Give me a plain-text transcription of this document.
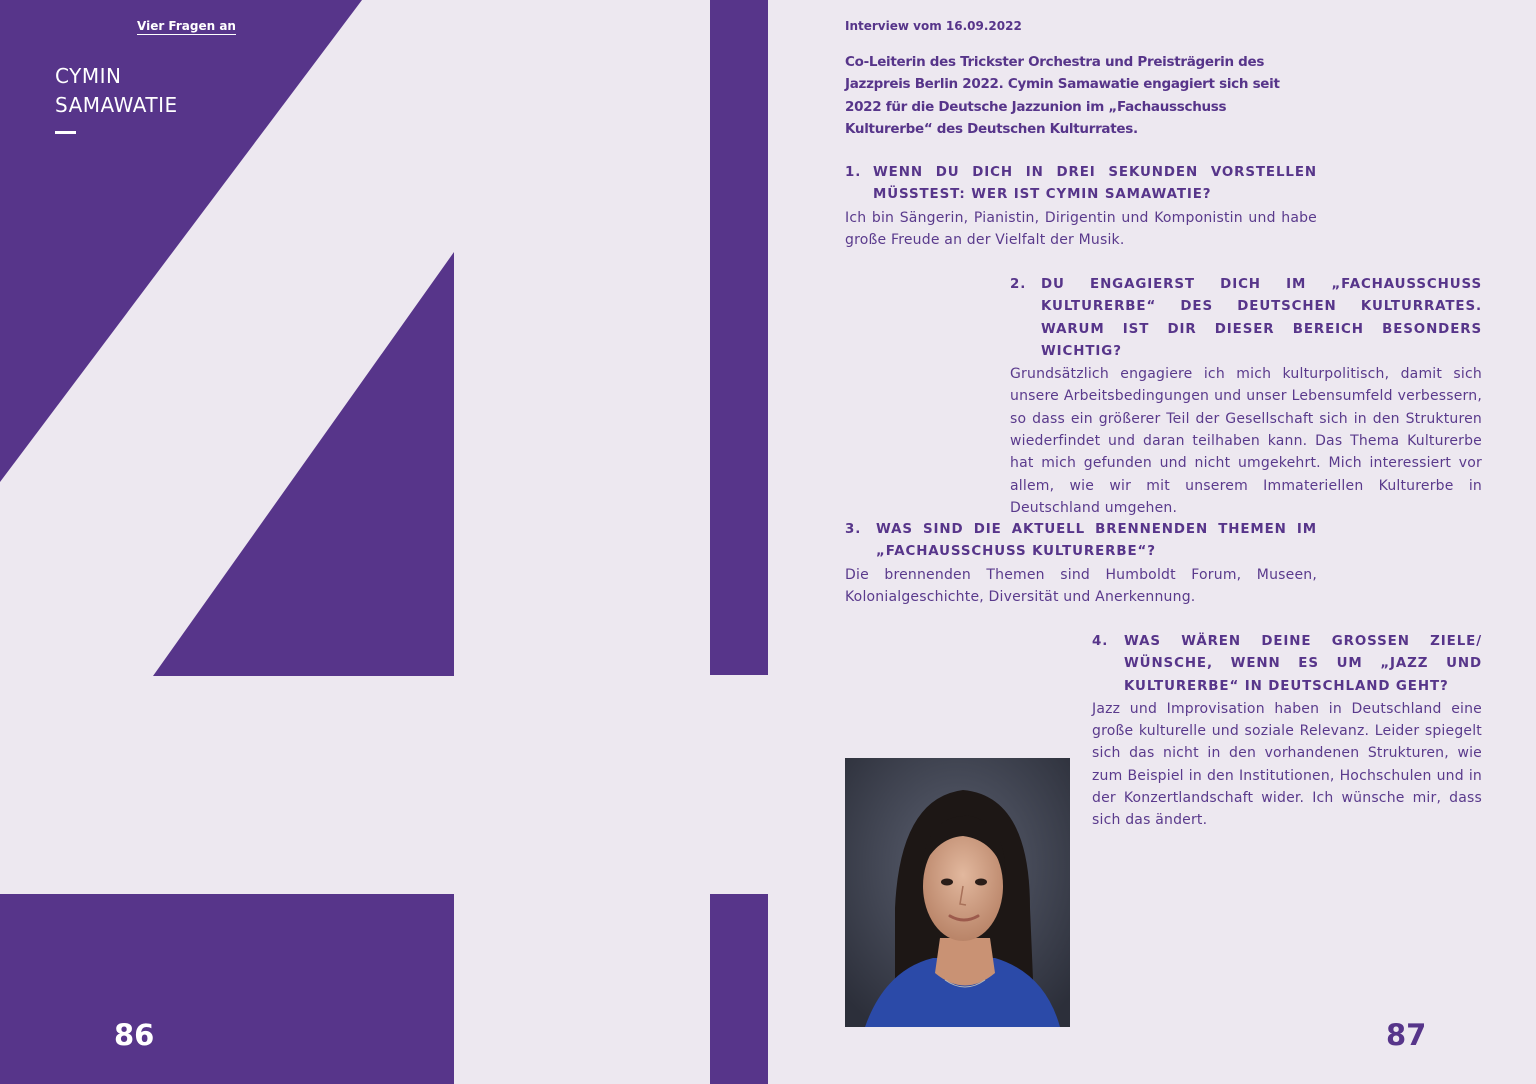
Vier Fragen an
CYMIN
SAMAWATIE
86
Interview vom 16.09.2022
Co-Leiterin des Trickster Orchestra und Preisträgerin des Jazzpreis Berlin 2022. Cymin Samawatie engagiert sich seit 2022 für die Deutsche Jazzunion im „Fachausschuss Kulturerbe“ des Deutschen Kulturrates.
1. WENN DU DICH IN DREI SEKUNDEN VORSTELLEN MÜSSTEST: WER IST CYMIN SAMAWATIE?

Ich bin Sängerin, Pianistin, Dirigentin und Komponistin und habe große Freude an der Vielfalt der Musik.

2.	DU ENGAGIERST DICH IM „FACHAUSSCHUSS KULTURERBE“ DES DEUTSCHEN KULTURRATES. WARUM IST DIR DIESER BEREICH BESONDERS WICHTIG?

Grundsätzlich engagiere ich mich kulturpolitisch, damit sich unsere Arbeitsbedingungen und unser Lebensumfeld verbessern, so dass ein größerer Teil der Gesellschaft sich in den Strukturen wiederfindet und daran teilhaben kann. Das Thema Kulturerbe hat mich gefunden und nicht umgekehrt. Mich interessiert vor allem, wie wir mit unserem Immateriellen Kulturerbe in Deutschland umgehen.

3.	WAS SIND DIE AKTUELL BRENNENDEN THEMEN IM „FACHAUSSCHUSS KULTURERBE“?

Die brennenden Themen sind Humboldt Forum, Museen, Kolonialgeschichte, Diversität und Anerkennung.

4.	WAS WÄREN DEINE GROSSEN ZIELE/ WÜNSCHE, WENN ES UM „JAZZ UND KULTURERBE“ IN DEUTSCHLAND GEHT?

Jazz und Improvisation haben in Deutschland eine große kulturelle und soziale Relevanz. Leider spiegelt sich das nicht in den vorhandenen Strukturen, wie zum Beispiel in den Institutionen, Hochschulen und in der Konzertlandschaft wider. Ich wünsche mir, dass sich das ändert.

87
